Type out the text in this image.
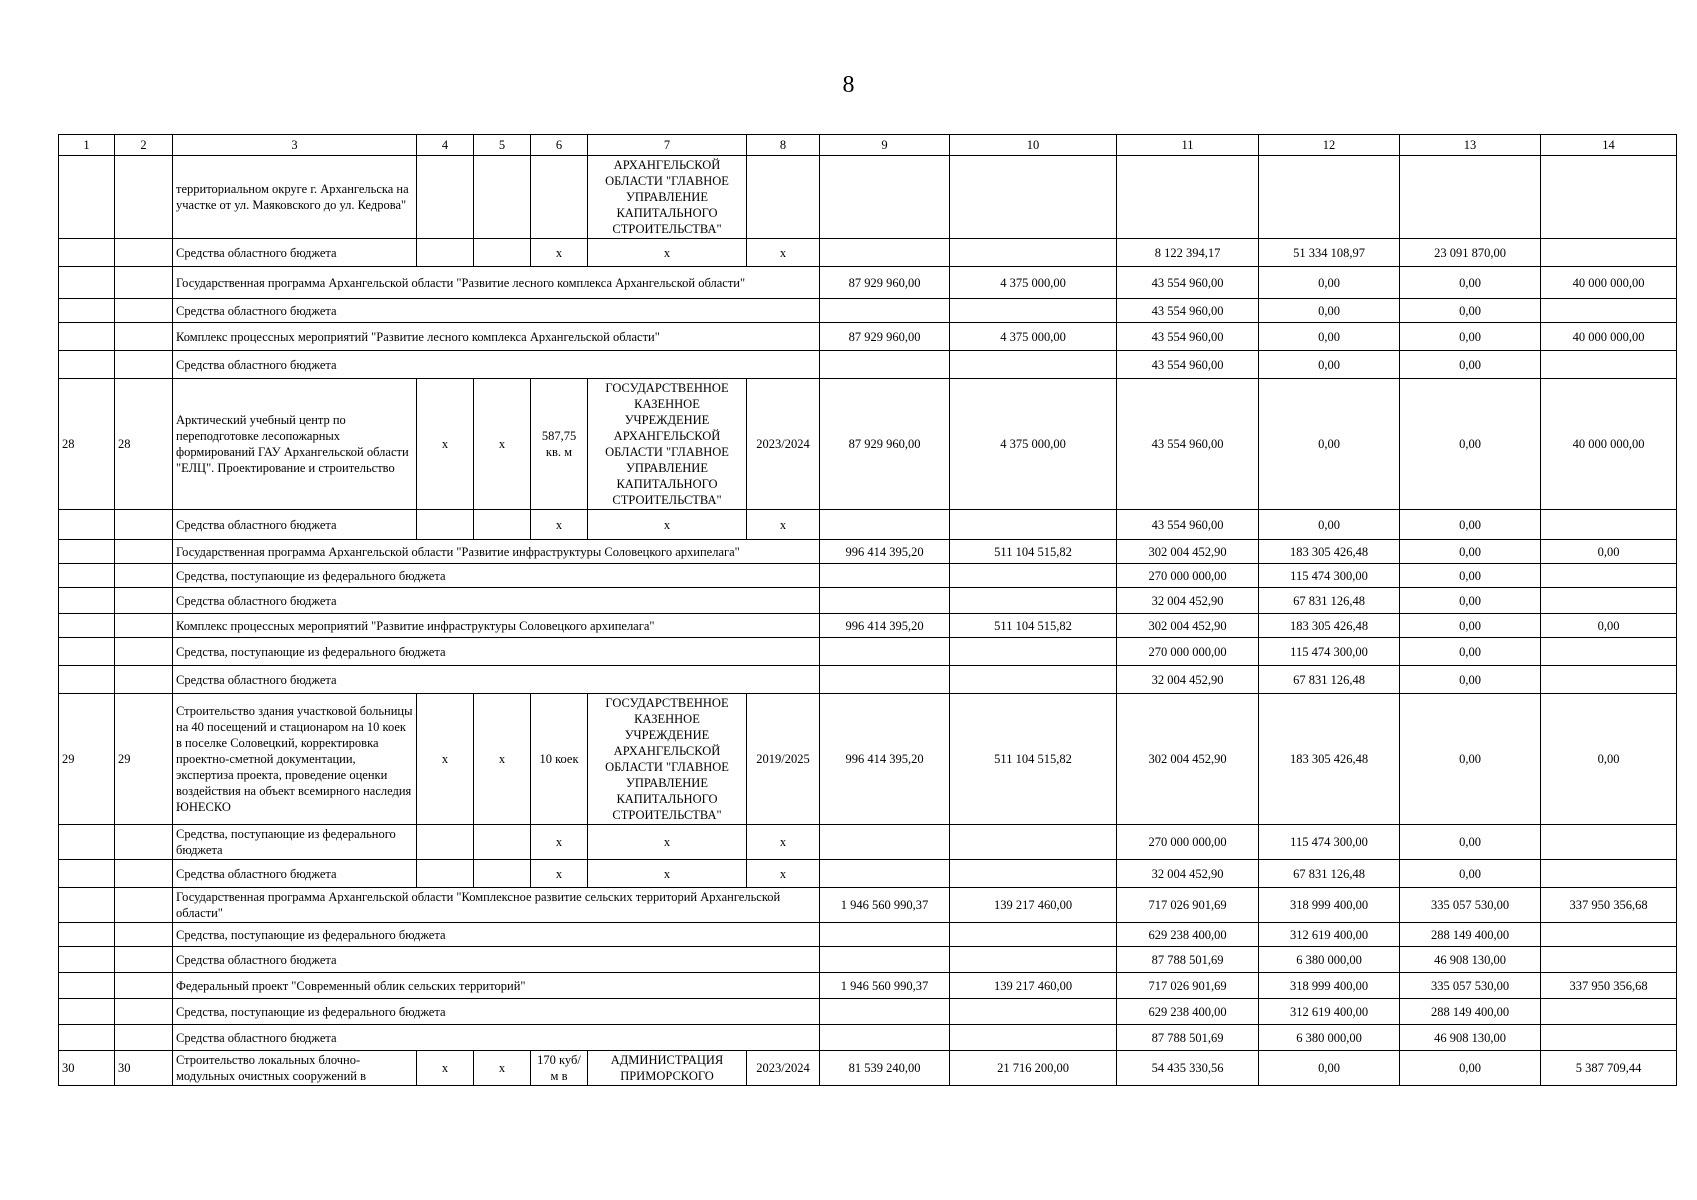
8
1	2	3	4	5	6	7	8	9	10	11	12	13	14
		территориальном округе г. Архангельска на участке от ул. Маяковского до ул. Кедрова"				АРХАНГЕЛЬСКОЙ ОБЛАСТИ "ГЛАВНОЕ УПРАВЛЕНИЕ КАПИТАЛЬНОГО СТРОИТЕЛЬСТВА"							
		Средства областного бюджета			х	х	х			8 122 394,17	51 334 108,97	23 091 870,00	
		Государственная программа Архангельской области "Развитие лесного комплекса Архангельской области"						87 929 960,00	4 375 000,00	43 554 960,00	0,00	0,00	40 000 000,00
		Средства областного бюджета								43 554 960,00	0,00	0,00	
		Комплекс процессных мероприятий "Развитие лесного комплекса Архангельской области"						87 929 960,00	4 375 000,00	43 554 960,00	0,00	0,00	40 000 000,00
		Средства областного бюджета								43 554 960,00	0,00	0,00	
28	28	Арктический учебный центр по переподготовке лесопожарных формирований ГАУ Архангельской области "ЕЛЦ". Проектирование и строительство	х	х	587,75 кв. м	ГОСУДАРСТВЕННОЕ КАЗЕННОЕ УЧРЕЖДЕНИЕ АРХАНГЕЛЬСКОЙ ОБЛАСТИ "ГЛАВНОЕ УПРАВЛЕНИЕ КАПИТАЛЬНОГО СТРОИТЕЛЬСТВА"	2023/2024	87 929 960,00	4 375 000,00	43 554 960,00	0,00	0,00	40 000 000,00
		Средства областного бюджета			х	х	х			43 554 960,00	0,00	0,00	
		Государственная программа Архангельской области "Развитие инфраструктуры Соловецкого архипелага"						996 414 395,20	511 104 515,82	302 004 452,90	183 305 426,48	0,00	0,00
		Средства, поступающие из федерального бюджета								270 000 000,00	115 474 300,00	0,00	
		Средства областного бюджета								32 004 452,90	67 831 126,48	0,00	
		Комплекс процессных мероприятий "Развитие инфраструктуры Соловецкого архипелага"						996 414 395,20	511 104 515,82	302 004 452,90	183 305 426,48	0,00	0,00
		Средства, поступающие из федерального бюджета								270 000 000,00	115 474 300,00	0,00	
		Средства областного бюджета								32 004 452,90	67 831 126,48	0,00	
29	29	Строительство здания участковой больницы на 40 посещений и стационаром на 10 коек в поселке Соловецкий, корректировка проектно-сметной документации, экспертиза проекта, проведение оценки воздействия на объект всемирного наследия ЮНЕСКО	х	х	10 коек	ГОСУДАРСТВЕННОЕ КАЗЕННОЕ УЧРЕЖДЕНИЕ АРХАНГЕЛЬСКОЙ ОБЛАСТИ "ГЛАВНОЕ УПРАВЛЕНИЕ КАПИТАЛЬНОГО СТРОИТЕЛЬСТВА"	2019/2025	996 414 395,20	511 104 515,82	302 004 452,90	183 305 426,48	0,00	0,00
		Средства, поступающие из федерального бюджета			х	х	х			270 000 000,00	115 474 300,00	0,00	
		Средства областного бюджета			х	х	х			32 004 452,90	67 831 126,48	0,00	
		Государственная программа Архангельской области "Комплексное развитие сельских территорий Архангельской области"						1 946 560 990,37	139 217 460,00	717 026 901,69	318 999 400,00	335 057 530,00	337 950 356,68
		Средства, поступающие из федерального бюджета								629 238 400,00	312 619 400,00	288 149 400,00	
		Средства областного бюджета								87 788 501,69	6 380 000,00	46 908 130,00	
		Федеральный проект "Современный облик сельских территорий"						1 946 560 990,37	139 217 460,00	717 026 901,69	318 999 400,00	335 057 530,00	337 950 356,68
		Средства, поступающие из федерального бюджета								629 238 400,00	312 619 400,00	288 149 400,00	
		Средства областного бюджета								87 788 501,69	6 380 000,00	46 908 130,00	
30	30	Строительство локальных блочно-модульных очистных сооружений в	х	х	170 куб/м в	АДМИНИСТРАЦИЯ ПРИМОРСКОГО	2023/2024	81 539 240,00	21 716 200,00	54 435 330,56	0,00	0,00	5 387 709,44
